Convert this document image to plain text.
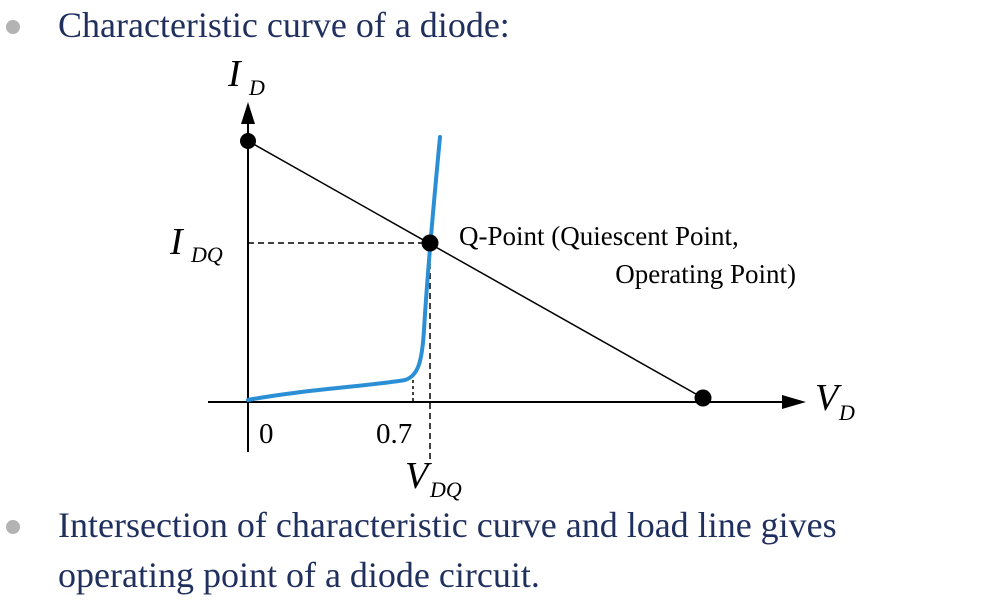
Characteristic curve of a diode:
I D
V D
I DQ
V DQ
0	0.7
Q-Point (Quiescent Point,
Operating Point)
Intersection of characteristic curve and load line gives
operating point of a diode circuit.
